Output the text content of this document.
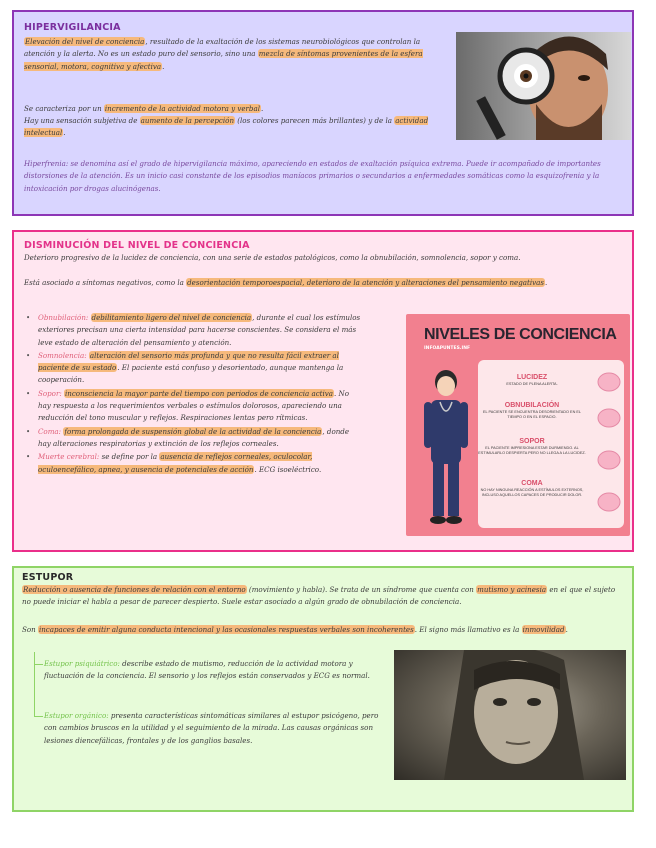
HIPERVIGILANCIA
Elevación del nivel de conciencia, resultado de la exaltación de los sistemas neurobiológicos que controlan la atención y la alerta. No es un estado puro del sensorio, sino una mezcla de síntomas provenientes de la esfera sensorial, motora, cognitiva y afectiva.
Se caracteriza por un incremento de la actividad motora y verbal.
Hay una sensación subjetiva de aumento de la percepción (los colores parecen más brillantes) y de la actividad intelectual.
Hiperfrenia: se denomina así el grado de hipervigilancia máximo, apareciendo en estados de exaltación psíquica extrema. Puede ir acompañado de importantes distorsiones de la atención. Es un inicio casi constante de los episodios maníacos primarios o secundarios a enfermedades somáticas como la esquizofrenia y la intoxicación por drogas alucinógenas.
DISMINUCIÓN DEL NIVEL DE CONCIENCIA
Deterioro progresivo de la lucidez de conciencia, con una serie de estados patológicos, como la obnubilación, somnolencia, sopor y coma.
Está asociado a síntomas negativos, como la desorientación temporoespacial, deterioro de la atención y alteraciones del pensamiento negativas.
• Obnubilación: debilitamiento ligero del nivel de conciencia, durante el cual los estímulos exteriores precisan una cierta intensidad para hacerse conscientes. Se considera el más leve estado de alteración del pensamiento y atención.
• Somnolencia: alteración del sensorio más profunda y que no resulta fácil extraer al paciente de su estado. El paciente está confuso y desorientado, aunque mantenga la cooperación.
• Sopor: inconsciencia la mayor parte del tiempo con periodos de conciencia activa. No hay respuesta a los requerimientos verbales o estímulos dolorosos, apareciendo una reducción del tono muscular y reflejos. Respiraciones lentas pero rítmicas.
• Coma: forma prolongada de suspensión global de la actividad de la conciencia, donde hay alteraciones respiratorias y extinción de los reflejos corneales.
• Muerte cerebral: se define por la ausencia de reflejos corneales, oculocolar, oculoencefálico, apnea, y ausencia de potenciales de acción. ECG isoeléctrico.
NIVELES DE CONCIENCIA
INFOAPUNTES.INF
LUCIDEZ
ESTADO DE PLENA ALERTA.
OBNUBILACIÓN
EL PACIENTE SE ENCUENTRA DESORIENTADO EN EL TIEMPO O EN EL ESPACIO.
SOPOR
EL PACIENTE IMPRESIONA ESTAR DURMIENDO. AL ESTIMULARLO DESPIERTA PERO NO LLEGA A LA LUCIDEZ.
COMA
NO HAY NINGUNA REACCIÓN A ESTÍMULOS EXTERNOS, INCLUSO AQUELLOS CAPACES DE PRODUCIR DOLOR.
ESTUPOR
Reducción o ausencia de funciones de relación con el entorno (movimiento y habla). Se trata de un síndrome que cuenta con mutismo y acinesia en el que el sujeto no puede iniciar el habla a pesar de parecer despierto. Suele estar asociado a algún grado de obnubilación de conciencia.
Son incapaces de emitir alguna conducta intencional y las ocasionales respuestas verbales son incoherentes. El signo más llamativo es la inmovilidad.
Estupor psiquiátrico: describe estado de mutismo, reducción de la actividad motora y fluctuación de la conciencia. El sensorio y los reflejos están conservados y ECG es normal.
Estupor orgánico: presenta características sintomáticas similares al estupor psicógeno, pero con cambios bruscos en la utilidad y el seguimiento de la mirada. Las causas orgánicas son lesiones diencefálicas, frontales y de los ganglios basales.
